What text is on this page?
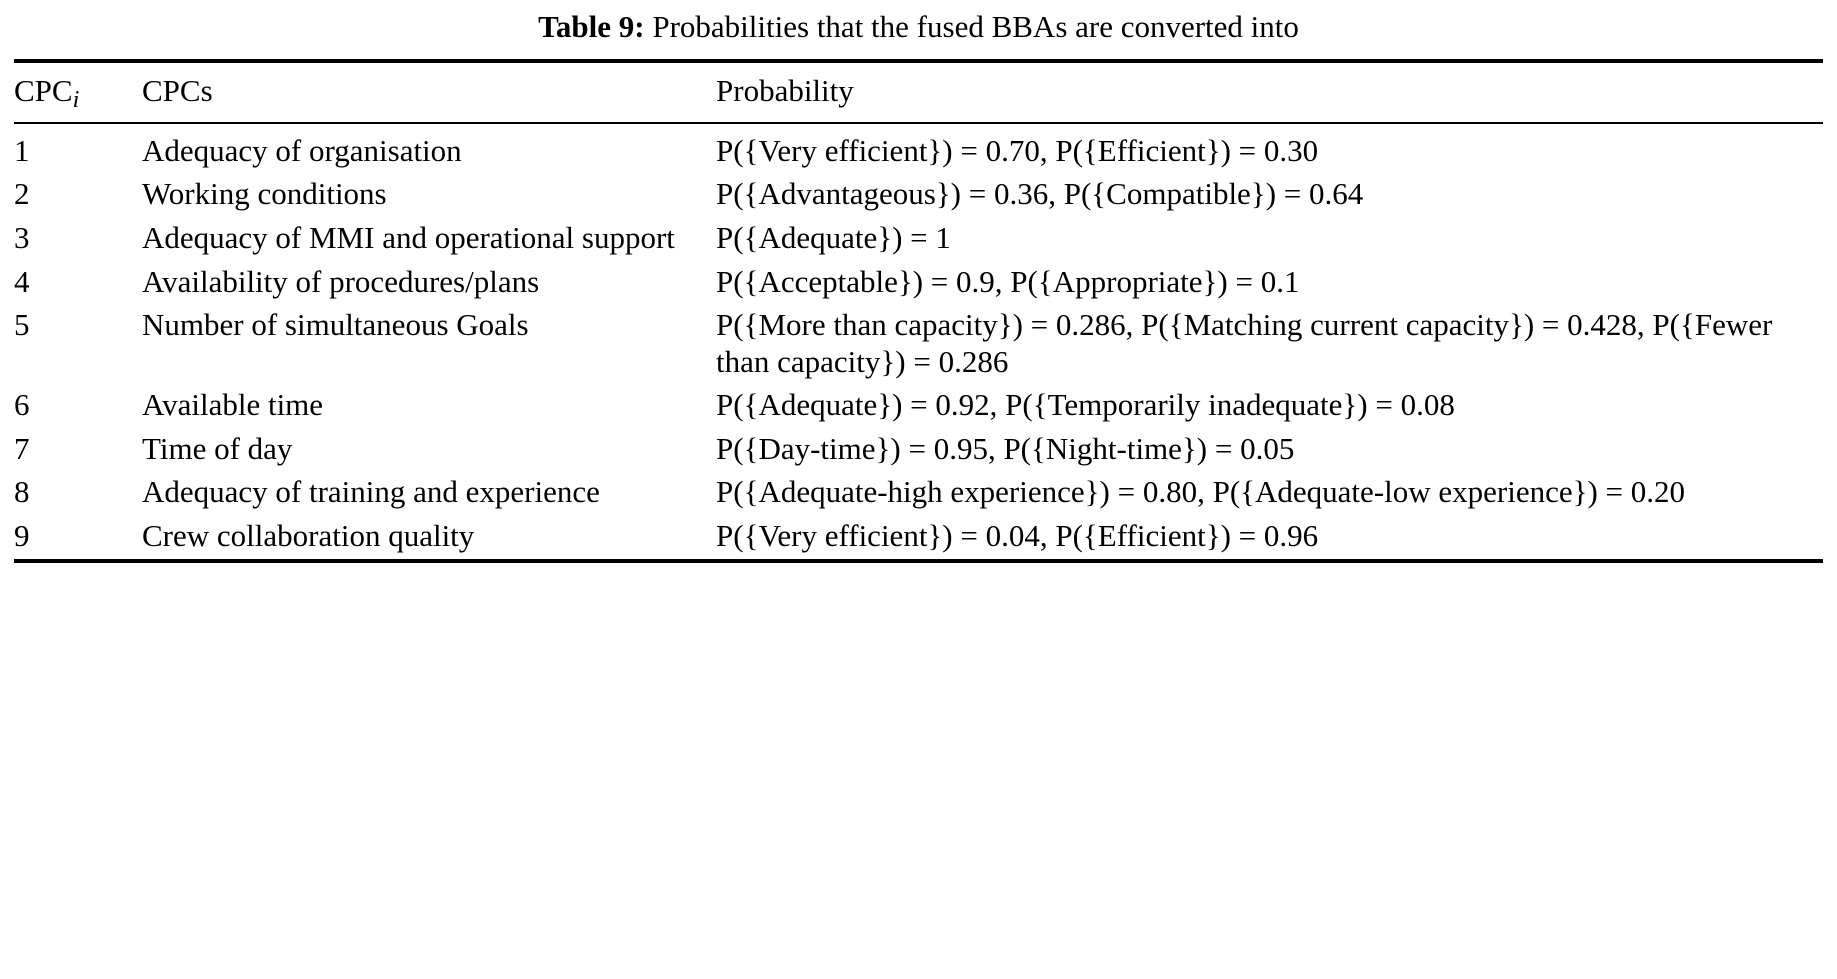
Table 9: Probabilities that the fused BBAs are converted into
CPCi	CPCs	Probability
1	Adequacy of organisation	P({Very efficient}) = 0.70, P({Efficient}) = 0.30
2	Working conditions	P({Advantageous}) = 0.36, P({Compatible}) = 0.64
3	Adequacy of MMI and operational support	P({Adequate}) = 1
4	Availability of procedures/plans	P({Acceptable}) = 0.9, P({Appropriate}) = 0.1
5	Number of simultaneous Goals	P({More than capacity}) = 0.286, P({Matching current capacity}) = 0.428, P({Fewer than capacity}) = 0.286
6	Available time	P({Adequate}) = 0.92, P({Temporarily inadequate}) = 0.08
7	Time of day	P({Day-time}) = 0.95, P({Night-time}) = 0.05
8	Adequacy of training and experience	P({Adequate-high experience}) = 0.80, P({Adequate-low experience}) = 0.20
9	Crew collaboration quality	P({Very efficient}) = 0.04, P({Efficient}) = 0.96
